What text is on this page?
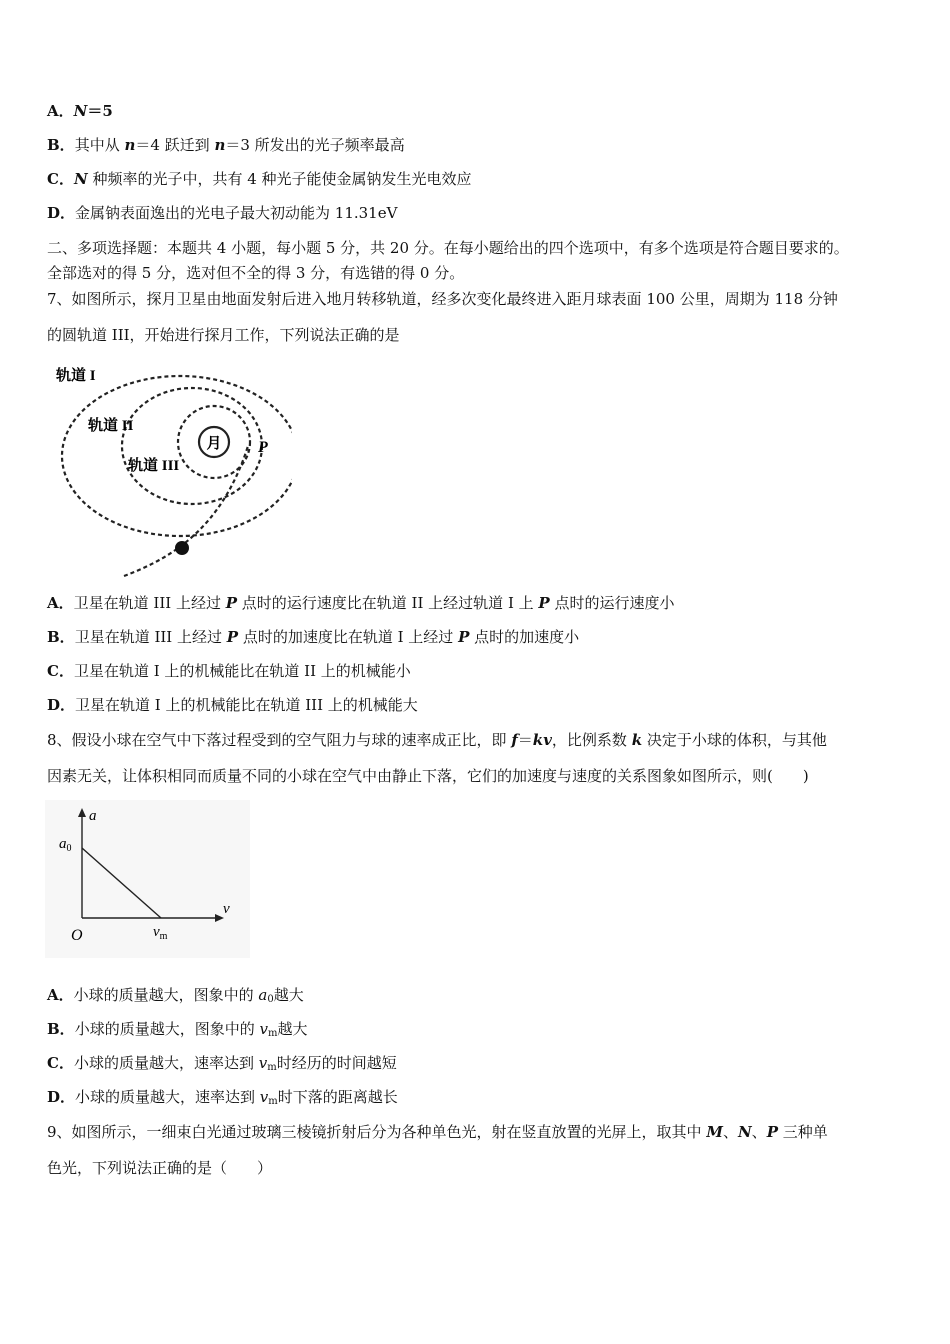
A．N＝5
B．其中从 n＝4 跃迁到 n＝3 所发出的光子频率最高
C．N 种频率的光子中，共有 4 种光子能使金属钠发生光电效应
D．金属钠表面逸出的光电子最大初动能为 11.31eV
二、多项选择题：本题共 4 小题，每小题 5 分，共 20 分。在每小题给出的四个选项中，有多个选项是符合题目要求的。
全部选对的得 5 分，选对但不全的得 3 分，有选错的得 0 分。
7、如图所示，探月卫星由地面发射后进入地月转移轨道，经多次变化最终进入距月球表面 100 公里，周期为 118 分钟
的圆轨道 III，开始进行探月工作，下列说法正确的是
月 P
轨道 I
轨道 II
轨道 III
A．卫星在轨道 III 上经过 P 点时的运行速度比在轨道 II 上经过轨道 I 上 P 点时的运行速度小
B．卫星在轨道 III 上经过 P 点时的加速度比在轨道 I 上经过 P 点时的加速度小
C．卫星在轨道 I 上的机械能比在轨道 II 上的机械能小
D．卫星在轨道 I 上的机械能比在轨道 III 上的机械能大
8、假设小球在空气中下落过程受到的空气阻力与球的速率成正比，即 f＝kv，比例系数 k 决定于小球的体积，与其他
因素无关，让体积相同而质量不同的小球在空气中由静止下落，它们的加速度与速度的关系图象如图所示，则(　　)
a
v
O
$a_0$
$v_m$
A．小球的质量越大，图象中的 $a_0$越大
B．小球的质量越大，图象中的 $v_m$越大
C．小球的质量越大，速率达到 $v_m$时经历的时间越短
D．小球的质量越大，速率达到 $v_m$时下落的距离越长
9、如图所示，一细束白光通过玻璃三棱镜折射后分为各种单色光，射在竖直放置的光屏上，取其中 M、N、P 三种单
色光，下列说法正确的是（　　）
